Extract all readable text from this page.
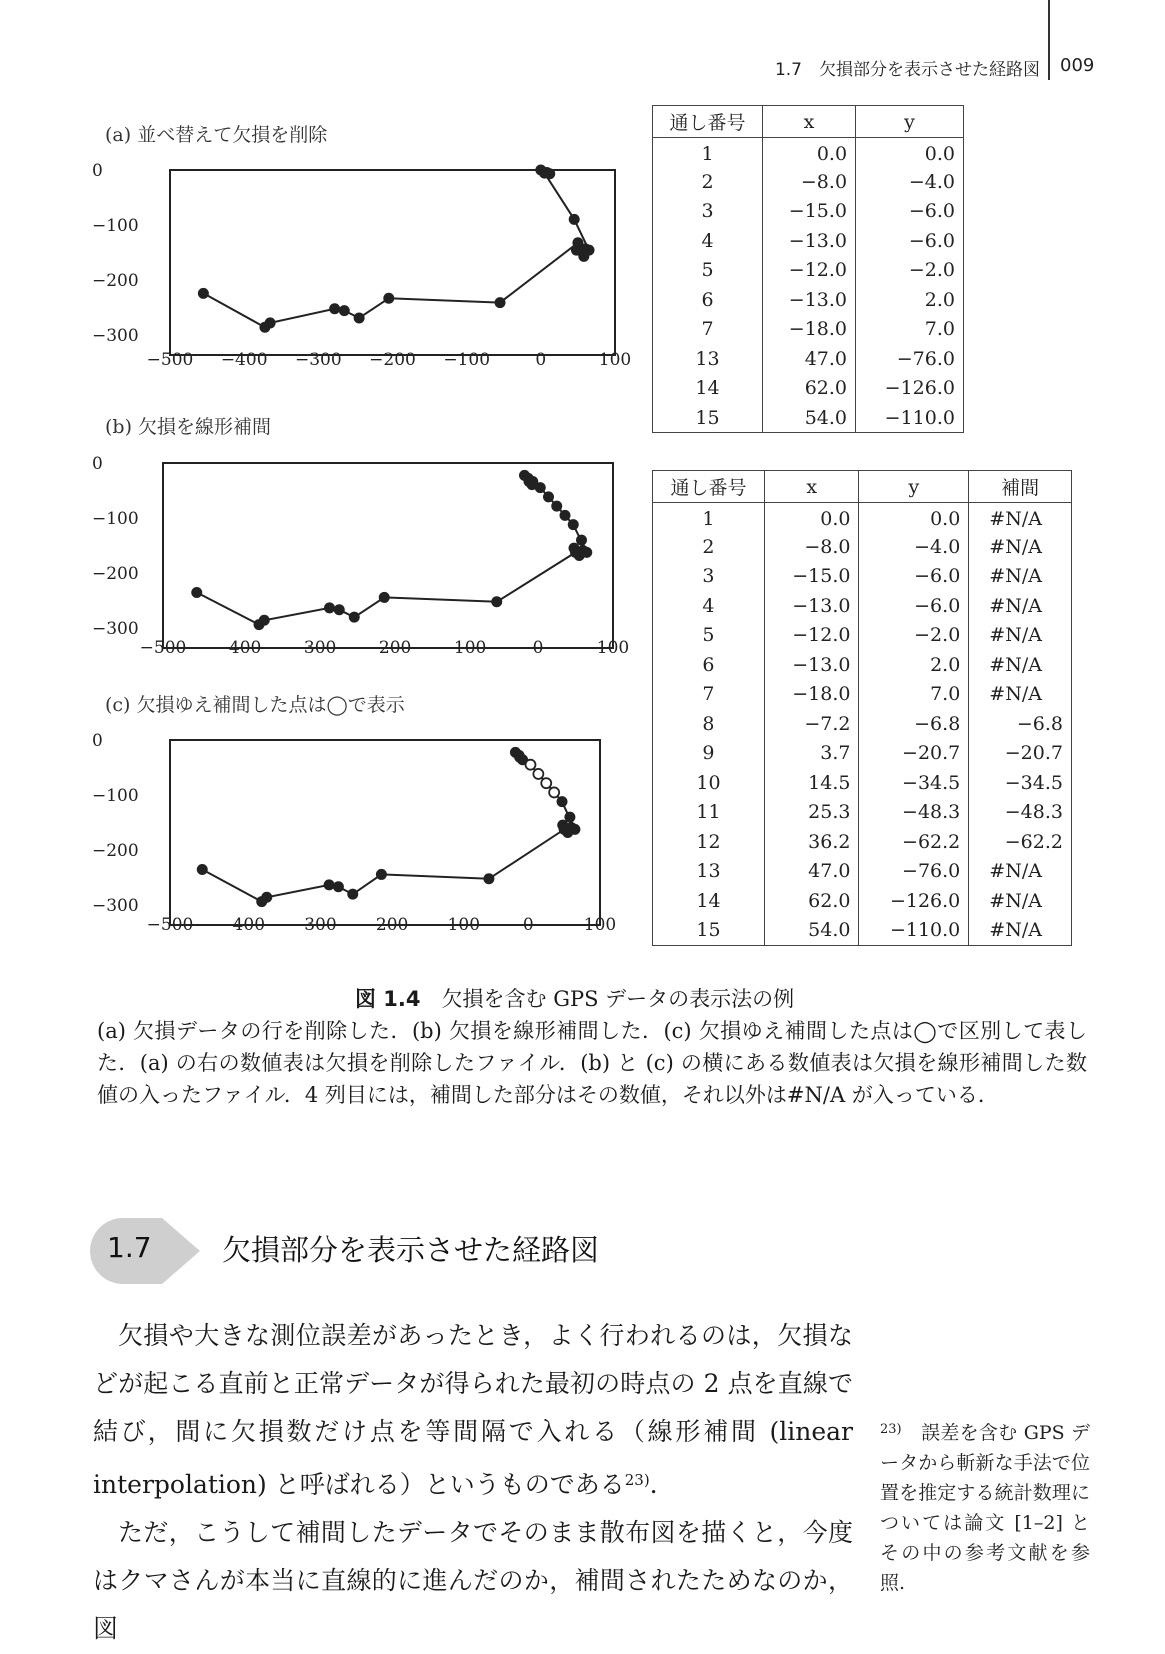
1.7　欠損部分を表示させた経路図 009
(a) 並べ替えて欠損を削除
(b) 欠損を線形補間
(c) 欠損ゆえ補間した点は◯で表示
−500 −400 −300 −200 −100	0	100
0
−100
−200
−300
−500 −400 −300 −200 −100	0	100
0
−100
−200
−300
−500 −400 −300 −200 −100	0	100
0
−100
−200
−300
通し番号	x	y
1	0.0	0.0
2	−8.0	−4.0
3	−15.0	−6.0
4	−13.0	−6.0
5	−12.0	−2.0
6	−13.0	2.0
7	−18.0	7.0
13	47.0	−76.0
14	62.0	−126.0
15	54.0	−110.0
通し番号	x	y	補間
1	0.0	0.0	#N/A
2	−8.0	−4.0	#N/A
3	−15.0	−6.0	#N/A
4	−13.0	−6.0	#N/A
5	−12.0	−2.0	#N/A
6	−13.0	2.0	#N/A
7	−18.0	7.0	#N/A
8	−7.2	−6.8	−6.8
9	3.7	−20.7	−20.7
10	14.5	−34.5	−34.5
11	25.3	−48.3	−48.3
12	36.2	−62.2	−62.2
13	47.0	−76.0	#N/A
14	62.0	−126.0	#N/A
15	54.0	−110.0	#N/A
図 1.4　 欠損を含む GPS データの表示法の例
(a) 欠損データの行を削除した．(b) 欠損を線形補間した．(c) 欠損ゆえ補間した点は◯で区別して表した．(a) の右の数値表は欠損を削除したファイル．(b) と (c) の横にある数値表は欠損を線形補間した数値の入ったファイル．4 列目には，補間した部分はその数値，それ以外は#N/A が入っている．
1.7 欠損部分を表示させた経路図

欠損や大きな測位誤差があったとき，よく行われるのは，欠損などが起こる直前と正常データが得られた最初の時点の 2 点を直線で結び，間に欠損数だけ点を等間隔で入れる（線形補間 (linear interpolation) と呼ばれる）というものである$^{23)}$．

ただ，こうして補間したデータでそのまま散布図を描くと，今度はクマさんが本当に直線的に進んだのか，補間されたためなのか，図

$^{23)}$　 誤差を含む GPS データから斬新な手法で位置を推定する統計数理については論文 [1–2] とその中の参考文献を参照.
